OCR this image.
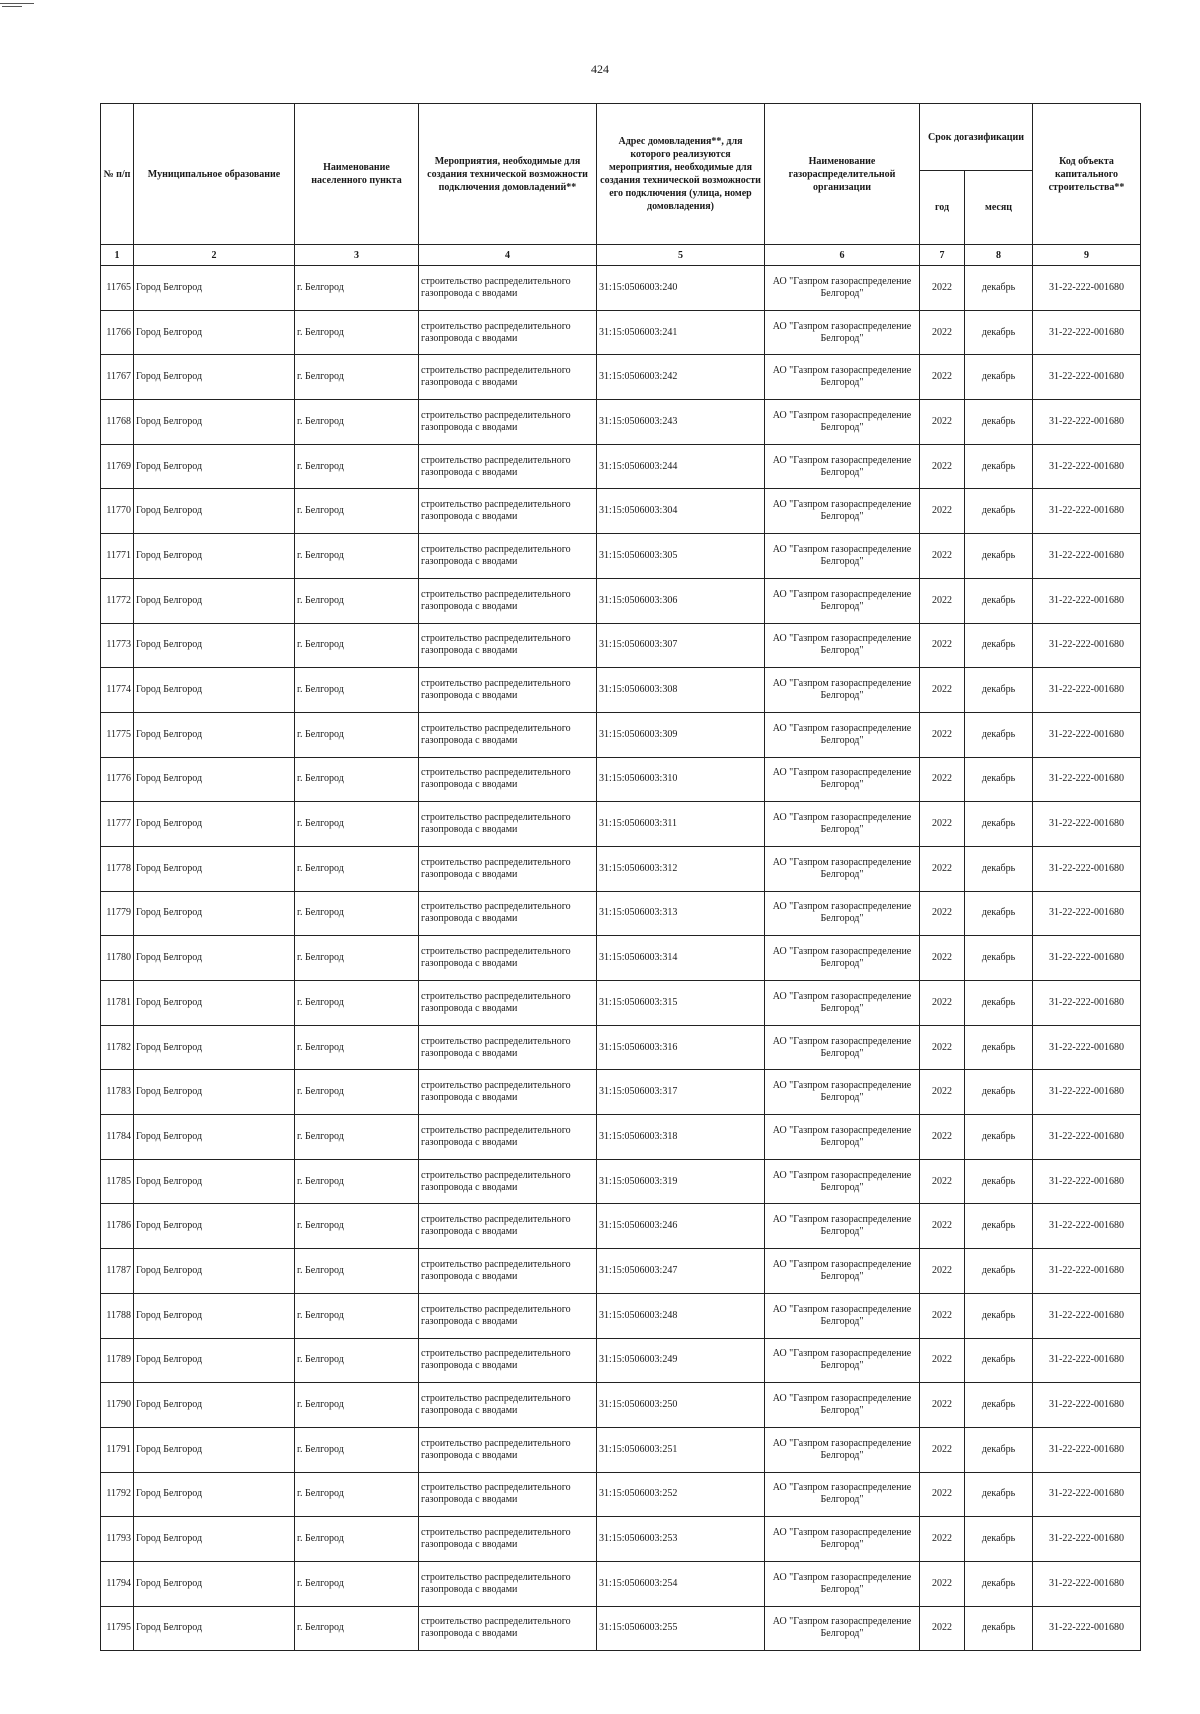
424
№ п/п	Муниципальное образование	Наименование населенного пункта	Мероприятия, необходимые для создания технической возможности подключения домовладений**	Адрес домовладения**, для которого реализуются мероприятия, необходимые для создания технической возможности его подключения (улица, номер домовладения)	Наименование газораспределительной организации	Срок догазификации		Код объекта капитального строительства**
						год	месяц	
1	2	3	4	5	6	7	8	9
11765	Город Белгород	г. Белгород	строительство распределительного газопровода с вводами	31:15:0506003:240	АО "Газпром газораспределение Белгород"	2022	декабрь	31-22-222-001680
11766	Город Белгород	г. Белгород	строительство распределительного газопровода с вводами	31:15:0506003:241	АО "Газпром газораспределение Белгород"	2022	декабрь	31-22-222-001680
11767	Город Белгород	г. Белгород	строительство распределительного газопровода с вводами	31:15:0506003:242	АО "Газпром газораспределение Белгород"	2022	декабрь	31-22-222-001680
11768	Город Белгород	г. Белгород	строительство распределительного газопровода с вводами	31:15:0506003:243	АО "Газпром газораспределение Белгород"	2022	декабрь	31-22-222-001680
11769	Город Белгород	г. Белгород	строительство распределительного газопровода с вводами	31:15:0506003:244	АО "Газпром газораспределение Белгород"	2022	декабрь	31-22-222-001680
11770	Город Белгород	г. Белгород	строительство распределительного газопровода с вводами	31:15:0506003:304	АО "Газпром газораспределение Белгород"	2022	декабрь	31-22-222-001680
11771	Город Белгород	г. Белгород	строительство распределительного газопровода с вводами	31:15:0506003:305	АО "Газпром газораспределение Белгород"	2022	декабрь	31-22-222-001680
11772	Город Белгород	г. Белгород	строительство распределительного газопровода с вводами	31:15:0506003:306	АО "Газпром газораспределение Белгород"	2022	декабрь	31-22-222-001680
11773	Город Белгород	г. Белгород	строительство распределительного газопровода с вводами	31:15:0506003:307	АО "Газпром газораспределение Белгород"	2022	декабрь	31-22-222-001680
11774	Город Белгород	г. Белгород	строительство распределительного газопровода с вводами	31:15:0506003:308	АО "Газпром газораспределение Белгород"	2022	декабрь	31-22-222-001680
11775	Город Белгород	г. Белгород	строительство распределительного газопровода с вводами	31:15:0506003:309	АО "Газпром газораспределение Белгород"	2022	декабрь	31-22-222-001680
11776	Город Белгород	г. Белгород	строительство распределительного газопровода с вводами	31:15:0506003:310	АО "Газпром газораспределение Белгород"	2022	декабрь	31-22-222-001680
11777	Город Белгород	г. Белгород	строительство распределительного газопровода с вводами	31:15:0506003:311	АО "Газпром газораспределение Белгород"	2022	декабрь	31-22-222-001680
11778	Город Белгород	г. Белгород	строительство распределительного газопровода с вводами	31:15:0506003:312	АО "Газпром газораспределение Белгород"	2022	декабрь	31-22-222-001680
11779	Город Белгород	г. Белгород	строительство распределительного газопровода с вводами	31:15:0506003:313	АО "Газпром газораспределение Белгород"	2022	декабрь	31-22-222-001680
11780	Город Белгород	г. Белгород	строительство распределительного газопровода с вводами	31:15:0506003:314	АО "Газпром газораспределение Белгород"	2022	декабрь	31-22-222-001680
11781	Город Белгород	г. Белгород	строительство распределительного газопровода с вводами	31:15:0506003:315	АО "Газпром газораспределение Белгород"	2022	декабрь	31-22-222-001680
11782	Город Белгород	г. Белгород	строительство распределительного газопровода с вводами	31:15:0506003:316	АО "Газпром газораспределение Белгород"	2022	декабрь	31-22-222-001680
11783	Город Белгород	г. Белгород	строительство распределительного газопровода с вводами	31:15:0506003:317	АО "Газпром газораспределение Белгород"	2022	декабрь	31-22-222-001680
11784	Город Белгород	г. Белгород	строительство распределительного газопровода с вводами	31:15:0506003:318	АО "Газпром газораспределение Белгород"	2022	декабрь	31-22-222-001680
11785	Город Белгород	г. Белгород	строительство распределительного газопровода с вводами	31:15:0506003:319	АО "Газпром газораспределение Белгород"	2022	декабрь	31-22-222-001680
11786	Город Белгород	г. Белгород	строительство распределительного газопровода с вводами	31:15:0506003:246	АО "Газпром газораспределение Белгород"	2022	декабрь	31-22-222-001680
11787	Город Белгород	г. Белгород	строительство распределительного газопровода с вводами	31:15:0506003:247	АО "Газпром газораспределение Белгород"	2022	декабрь	31-22-222-001680
11788	Город Белгород	г. Белгород	строительство распределительного газопровода с вводами	31:15:0506003:248	АО "Газпром газораспределение Белгород"	2022	декабрь	31-22-222-001680
11789	Город Белгород	г. Белгород	строительство распределительного газопровода с вводами	31:15:0506003:249	АО "Газпром газораспределение Белгород"	2022	декабрь	31-22-222-001680
11790	Город Белгород	г. Белгород	строительство распределительного газопровода с вводами	31:15:0506003:250	АО "Газпром газораспределение Белгород"	2022	декабрь	31-22-222-001680
11791	Город Белгород	г. Белгород	строительство распределительного газопровода с вводами	31:15:0506003:251	АО "Газпром газораспределение Белгород"	2022	декабрь	31-22-222-001680
11792	Город Белгород	г. Белгород	строительство распределительного газопровода с вводами	31:15:0506003:252	АО "Газпром газораспределение Белгород"	2022	декабрь	31-22-222-001680
11793	Город Белгород	г. Белгород	строительство распределительного газопровода с вводами	31:15:0506003:253	АО "Газпром газораспределение Белгород"	2022	декабрь	31-22-222-001680
11794	Город Белгород	г. Белгород	строительство распределительного газопровода с вводами	31:15:0506003:254	АО "Газпром газораспределение Белгород"	2022	декабрь	31-22-222-001680
11795	Город Белгород	г. Белгород	строительство распределительного газопровода с вводами	31:15:0506003:255	АО "Газпром газораспределение Белгород"	2022	декабрь	31-22-222-001680
